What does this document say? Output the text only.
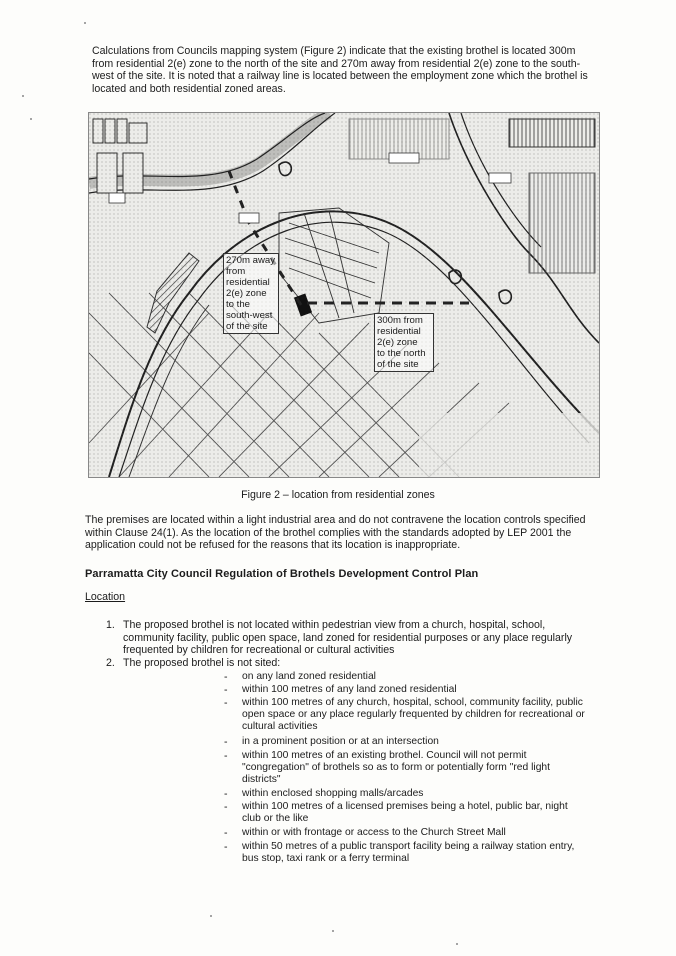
Calculations from Councils mapping system (Figure 2) indicate that the existing brothel is located 300m from residential 2(e) zone to the north of the site and 270m away from residential 2(e) zone to the south-west of the site. It is noted that a railway line is located between the employment zone which the brothel is located and both residential zoned areas.

270m away
from
residential
2(e) zone
to the
south-west
of the site
300m from
residential
2(e) zone
to the north
of the site
Figure 2 – location from residential zones

The premises are located within a light industrial area and do not contravene the location controls specified within Clause 24(1). As the location of the brothel complies with the standards adopted by LEP 2001 the application could not be refused for the reasons that its location is inappropriate.

Parramatta City Council Regulation of Brothels Development Control Plan
Location
1. The proposed brothel is not located within pedestrian view from a church, hospital, school, community facility, public open space, land zoned for residential purposes or any place regularly frequented by children for recreational or cultural activities
2. The proposed brothel is not sited:
- on any land zoned residential
- within 100 metres of any land zoned residential
- within 100 metres of any church, hospital, school, community facility, public open space or any place regularly frequented by children for recreational or cultural activities
- in a prominent position or at an intersection
- within 100 metres of an existing brothel. Council will not permit "congregation" of brothels so as to form or potentially form "red light districts"
- within enclosed shopping malls/arcades
- within 100 metres of a licensed premises being a hotel, public bar, night club or the like
- within or with frontage or access to the Church Street Mall
- within 50 metres of a public transport facility being a railway station entry, bus stop, taxi rank or a ferry terminal
